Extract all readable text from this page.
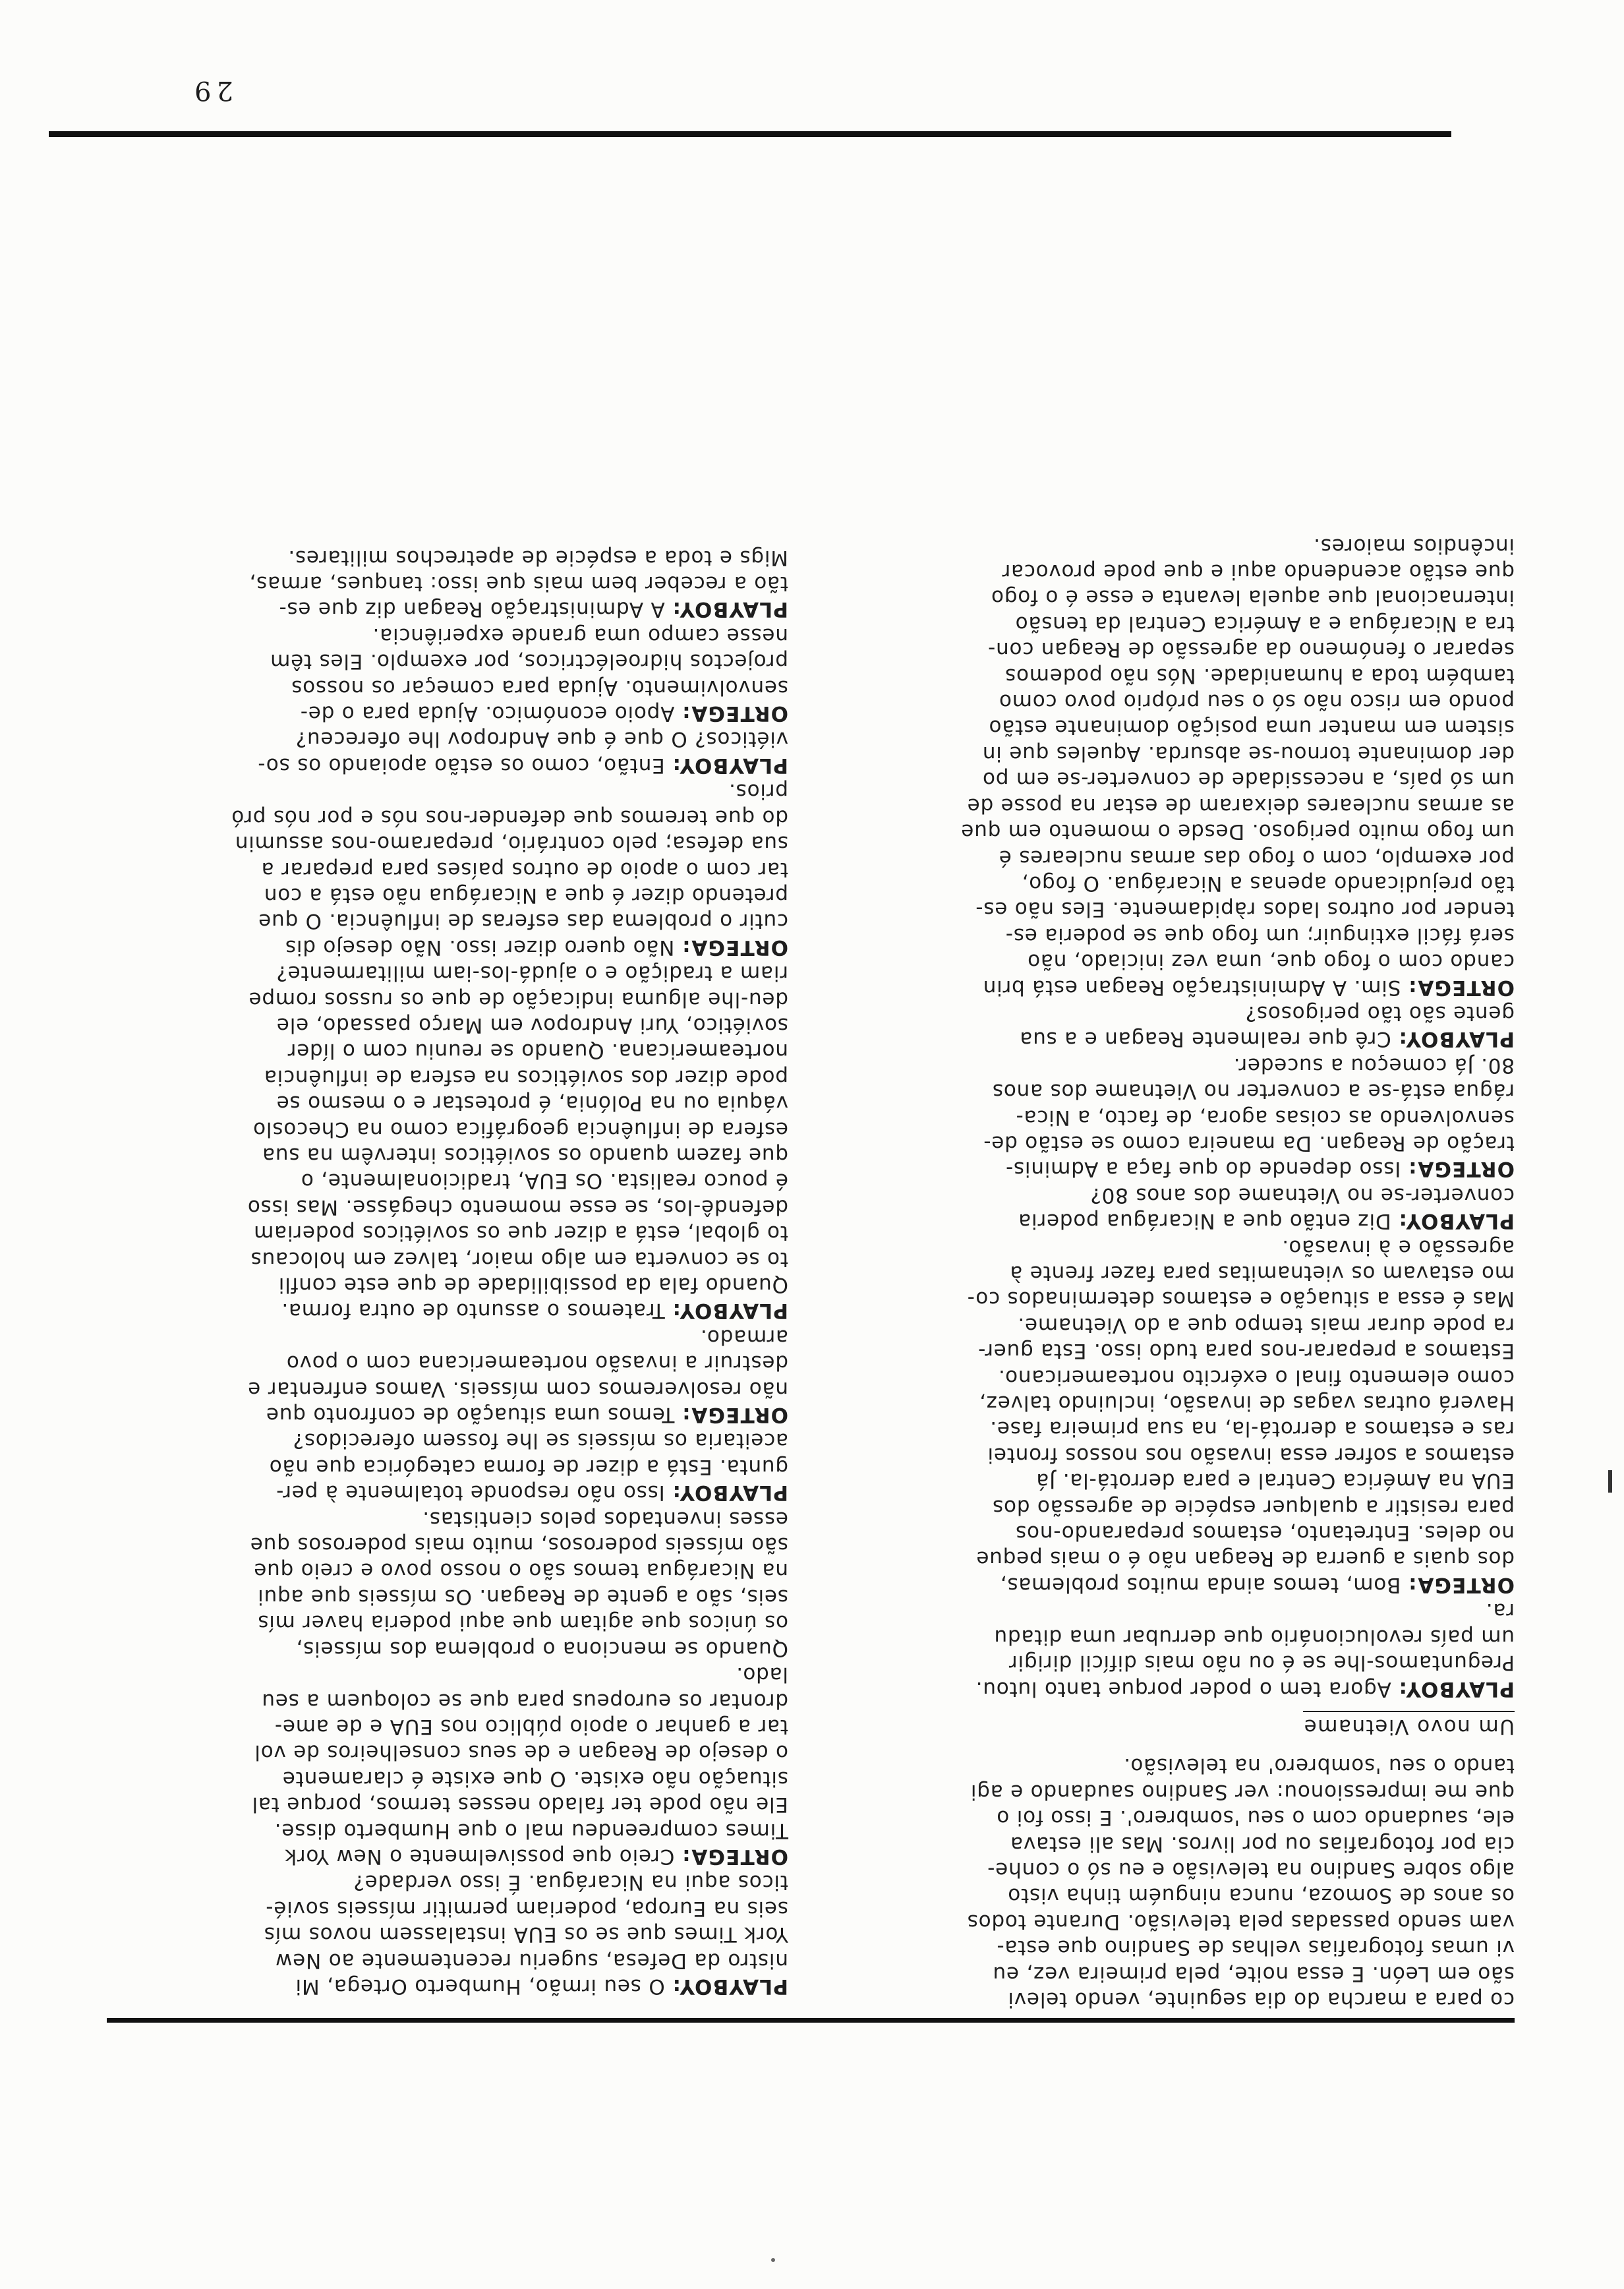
co para a marcha do dia seguinte, vendo televi

são em León. E essa noite, pela primeira vez, eu

vi umas fotografias velhas de Sandino que esta-

vam sendo passadas pela televisão. Durante todos

os anos de Somoza, nunca ninguém tinha visto

algo sobre Sandino na televisão e eu só o conhe-

cia por fotografias ou por livros. Mas ali estava

ele, saudando com o seu 'sombrero'. E isso foi o

que me impressionou: ver Sandino saudando e agi

tando o seu 'sombrero' na televisão.

Um novo Vietname

PLAYBOY: Agora tem o poder porque tanto lutou.

Preguntamos-lhe se é ou não mais difícil dirigir

um país revolucionário que derrubar uma ditadu

ra.

ORTEGA: Bom, temos ainda muitos problemas,

dos quais a guerra de Reagan não é o mais peque

no deles. Entretanto, estamos preparando-nos

para resistir a qualquer espécie de agressão dos

EUA na América Central e para derrotá-la. Já

estamos a sofrer essa invasão nos nossos frontei

ras e estamos a derrotá-la, na sua primeira fase.

Haverá outras vagas de invasão, incluindo talvez,

como elemento final o exército norteamericano.

Estamos a preparar-nos para tudo isso. Esta guer-

ra pode durar mais tempo que a do Vietname.

Mas é essa a situação e estamos determinados co-

mo estavam os vietnamitas para fazer frente à

agressão e à invasão.

PLAYBOY: Diz então que a Nicarágua poderia

converter-se no Vietname dos anos 80?

ORTEGA: Isso depende do que faça a Adminis-

tração de Reagan. Da maneira como se estão de-

senvolvendo as coisas agora, de facto, a Nica-

rágua está-se a converter no Vietname dos anos

80. Já começou a suceder.

PLAYBOY: Crê que realmente Reagan e a sua

gente são tão perigosos?

ORTEGA: Sim. A Administração Reagan está brin

cando com o fogo que, uma vez iniciado, não

será fácil extinguir; um fogo que se poderia es-

tender por outros lados ràpidamente. Eles não es-

tão prejudicando apenas a Nicarágua. O fogo,

por exemplo, com o fogo das armas nucleares é

um fogo muito perigoso. Desde o momento em que

as armas nucleares deixaram de estar na posse de

um só país, a necessidade de converter-se em po

der dominante tornou-se absurda. Aqueles que in

sistem em manter uma posição dominante estão

pondo em risco não só o seu próprio povo como

também toda a humanidade. Nós não podemos

separar o fenómeno da agressão de Reagan con-

tra a Nicarágua e a América Central da tensão

internacional que aquela levanta e esse é o fogo

que estão acendendo aqui e que pode provocar

incêndios maiores.

PLAYBOY: O seu irmão, Humberto Ortega, Mi

nistro da Defesa, sugeriu recentemente ao New

York Times que se os EUA instalassem novos mís

seis na Europa, poderiam permitir mísseis sovié-

ticos aqui na Nicarágua. É isso verdade?

ORTEGA: Creio que possivelmente o New York

Times compreendeu mal o que Humberto disse.

Ele não pode ter falado nesses termos, porque tal

situação não existe. O que existe é claramente

o desejo de Reagan e de seus conselheiros de vol

tar a ganhar o apoio público nos EUA e de ame-

drontar os europeus para que se coloquem a seu

lado.

Quando se menciona o problema dos mísseis,

os únicos que agitam que aqui poderia haver mís

seis, são a gente de Reagan. Os mísseis que aqui

na Nicarágua temos são o nosso povo e creio que

são mísseis poderosos, muito mais poderosos que

esses inventados pelos cientistas.

PLAYBOY: Isso não responde totalmente à per-

gunta. Está a dizer de forma categórica que não

aceitaria os mísseis se lhe fossem oferecidos?

ORTEGA: Temos uma situação de confronto que

não resolveremos com mísseis. Vamos enfrentar e

destruir a invasão norteamericana com o povo

armado.

PLAYBOY: Tratemos o assunto de outra forma.

Quando fala da possibilidade de que este confli

to se converta em algo maior, talvez em holocaus

to global, está a dizer que os soviéticos poderiam

defendê-los, se esse momento chegásse. Mas isso

é pouco realista. Os EUA, tradicionalmente, o

que fazem quando os soviéticos intervêm na sua

esfera de influência geográfica como na Checoslo

váquia ou na Polónia, é protestar e o mesmo se

pode dizer dos soviéticos na esfera de influência

norteamericana. Quando se reuniu com o líder

soviético, Yuri Andropov em Março passado, ele

deu-lhe alguma indicação de que os russos rompe

riam a tradição e o ajudá-los-iam militarmente?

ORTEGA: Não quero dizer isso. Não desejo dis

cutir o problema das esferas de influência. O que

pretendo dizer é que a Nicarágua não está a con

tar com o apoio de outros países para preparar a

sua defesa; pelo contrário, preparamo-nos assumin

do que teremos que defender-nos nós e por nós pró

prios.

PLAYBOY: Então, como os estão apoiando os so-

viéticos? O que é que Andropov lhe ofereceu?

ORTEGA: Apoio económico. Ajuda para o de-

senvolvimento. Ajuda para começar os nossos

projectos hidroeléctricos, por exemplo. Eles têm

nesse campo uma grande experiência.

PLAYBOY: A Administração Reagan diz que es-

tão a receber bem mais que isso: tanques, armas,

Migs e toda a espécie de apetrechos militares.

29
